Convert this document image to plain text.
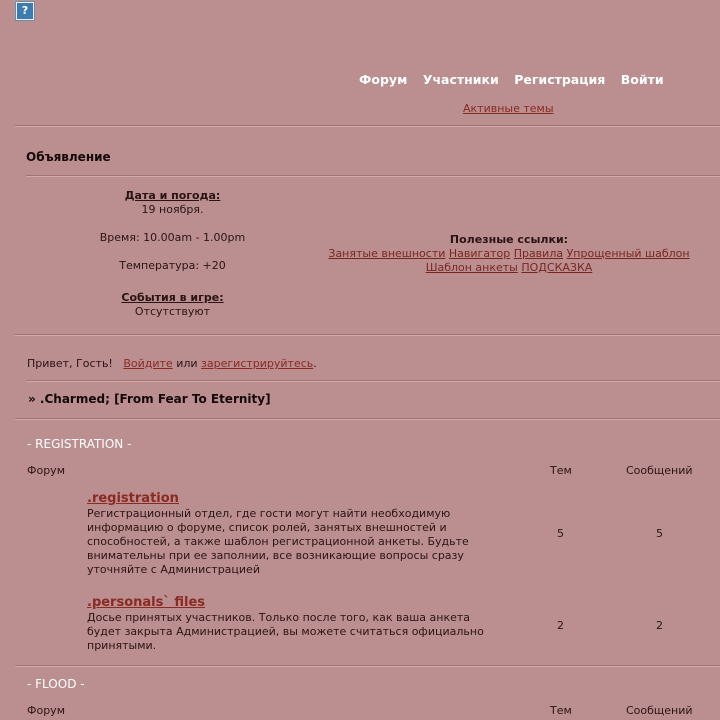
?
Форум Участники Регистрация Войти
Активные темы
Объявление
Дата и погода:
19 ноября.
Время: 10.00am - 1.00pm
Температура: +20
События в игре:
Отсутствуют
Полезные ссылки:
Занятые внешности Навигатор Правила Упрощенный шаблон
Шаблон анкеты ПОДСКАЗКА
Привет, Гость! Войдите или зарегистрируйтесь.
» .Charmed; [From Fear To Eternity]
- REGISTRATION -
Форум	Тем	Сообщений
.registration
Регистрационный отдел, где гости могут найти необходимую информацию о форуме, список ролей, занятых внешностей и способностей, а также шаблон регистрационной анкеты. Будьте внимательны при ее заполнии, все возникающие вопросы сразу уточняйте с Администрацией
5	5
.personals` files
Досье принятых участников. Только после того, как ваша анкета будет закрыта Администрацией, вы можете считаться официально принятыми.
2	2
- FLOOD -
Форум	Тем	Сообщений
